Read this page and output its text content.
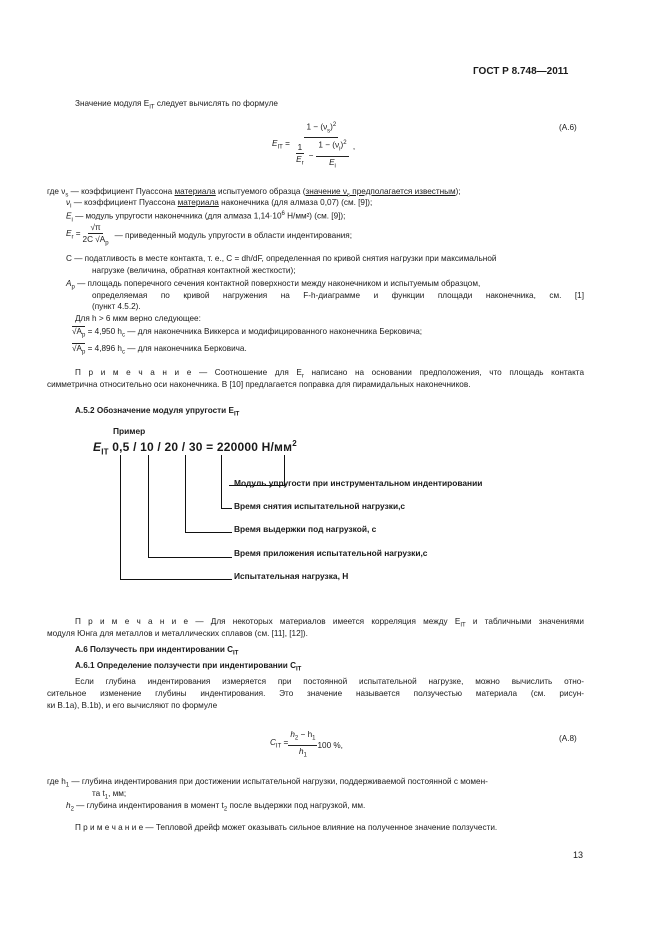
ГОСТ Р 8.748—2011
Значение модуля $E_{IT}$ следует вычислять по формуле
$E_{IT} = \frac{1 - (\nu_s)^2}{\frac{1}{E_r} - \frac{1 - (\nu_i)^2}{E_i}}$ ,
(A.6)
где $\nu_s$ — коэффициент Пуассона материала испытуемого образца (значение $\nu_s$ предполагается известным);
$\nu_i$ — коэффициент Пуассона материала наконечника (для алмаза 0,07) (см. [9]);
$E_i$ — модуль упругости наконечника (для алмаза $1,14\cdot 10^6$ Н/мм²) (см. [9]);
$E_r = \frac{√\pi}{2C √A_p}$ — приведенный модуль упругости в области индентирования;
C — податливость в месте контакта, т. е., C = dh/dF, определенная по кривой снятия нагрузки при максимальной
нагрузке (величина, обратная контактной жесткости);
$A_p$ — площадь поперечного сечения контактной поверхности между наконечником и испытуемым образцом,
определяемая по кривой нагружения на F-h-диаграмме и функции площади наконечника, см. [1]
(пункт 4.5.2).
Для h > 6 мкм верно следующее:
$√A_p = 4,950$ $h_c$ — для наконечника Виккерса и модифицированного наконечника Берковича;
$√A_p = 4,896$ $h_c$ — для наконечника Берковича.
П р и м е ч а н и е — Соотношение для $E_r$ написано на основании предположения, что площадь контакта
симметрична относительно оси наконечника. В [10] предлагается поправка для пирамидальных наконечников.
A.5.2 Обозначение модуля упругости $E_{IT}$
Пример
$E_{IT}$ 0,5 / 10 / 20 / 30 = 220000 $Н/мм^2$
Модуль упругости при инструментальном индентировании
Время снятия испытательной нагрузки,с
Время выдержки под нагрузкой, с
Время приложения испытательной нагрузки,с
Испытательная нагрузка, Н
П р и м е ч а н и е — Для некоторых материалов имеется корреляция между $E_{IT}$ и табличными значениями
модуля Юнга для металлов и металлических сплавов (см. [11], [12]).
A.6 Ползучесть при индентировании $C_{IT}$
A.6.1 Определение ползучести при индентировании $C_{IT}$
Если глубина индентирования измеряется при постоянной испытательной нагрузке, можно вычислить отно-
сительное изменение глубины индентирования. Это значение называется ползучестью материала (см. рисун-
ки B.1a), B.1b), и его вычисляют по формуле
$C_{IT} = \frac{h_2 - h_1}{h_1} 100$ %,
(A.8)
где $h_1$ — глубина индентирования при достижении испытательной нагрузки, поддерживаемой постоянной с момен-
та $t_1$, мм;
$h_2$ — глубина индентирования в момент $t_2$ после выдержки под нагрузкой, мм.
П р и м е ч а н и е — Тепловой дрейф может оказывать сильное влияние на полученное значение ползучести.
13
